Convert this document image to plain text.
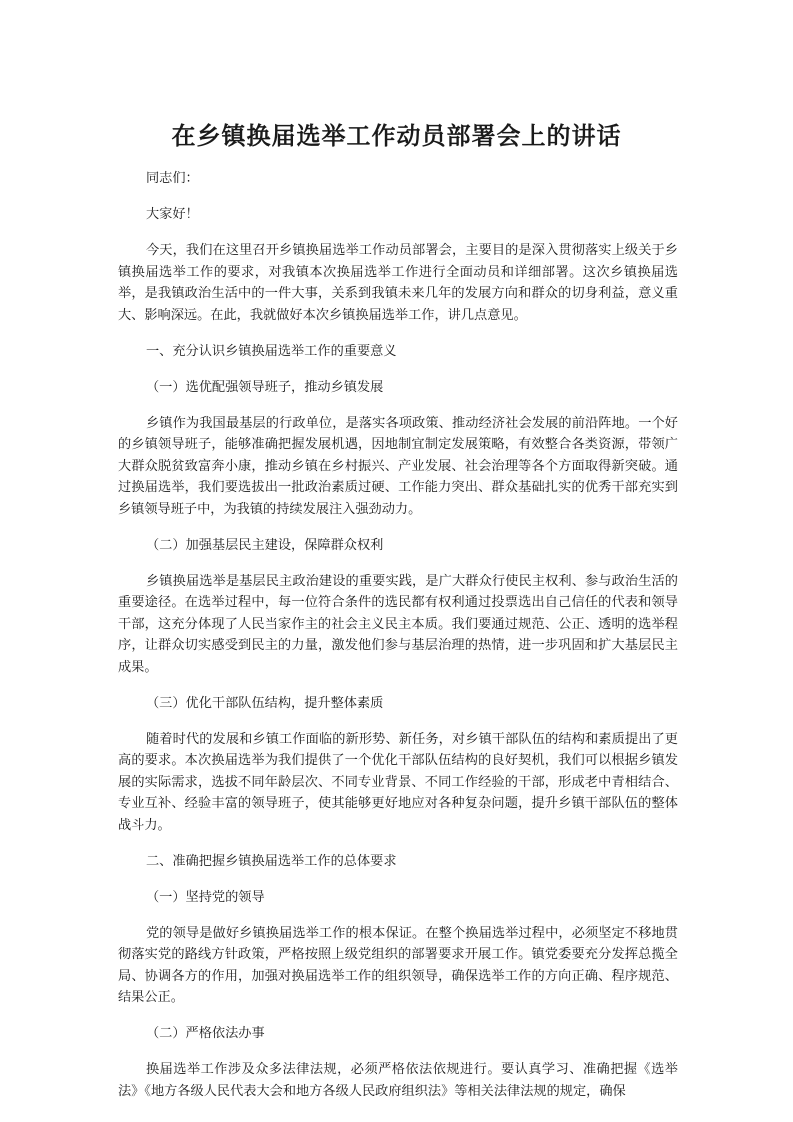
在乡镇换届选举工作动员部署会上的讲话

同志们：

大家好！

今天，我们在这里召开乡镇换届选举工作动员部署会，主要目的是深入贯彻落实上级关于乡镇换届选举工作的要求，对我镇本次换届选举工作进行全面动员和详细部署。这次乡镇换届选举，是我镇政治生活中的一件大事，关系到我镇未来几年的发展方向和群众的切身利益，意义重大、影响深远。在此，我就做好本次乡镇换届选举工作，讲几点意见。

一、充分认识乡镇换届选举工作的重要意义

（一）选优配强领导班子，推动乡镇发展

乡镇作为我国最基层的行政单位，是落实各项政策、推动经济社会发展的前沿阵地。一个好的乡镇领导班子，能够准确把握发展机遇，因地制宜制定发展策略，有效整合各类资源，带领广大群众脱贫致富奔小康，推动乡镇在乡村振兴、产业发展、社会治理等各个方面取得新突破。通过换届选举，我们要选拔出一批政治素质过硬、工作能力突出、群众基础扎实的优秀干部充实到乡镇领导班子中，为我镇的持续发展注入强劲动力。

（二）加强基层民主建设，保障群众权利

乡镇换届选举是基层民主政治建设的重要实践，是广大群众行使民主权利、参与政治生活的重要途径。在选举过程中，每一位符合条件的选民都有权利通过投票选出自己信任的代表和领导干部，这充分体现了人民当家作主的社会主义民主本质。我们要通过规范、公正、透明的选举程序，让群众切实感受到民主的力量，激发他们参与基层治理的热情，进一步巩固和扩大基层民主成果。

（三）优化干部队伍结构，提升整体素质

随着时代的发展和乡镇工作面临的新形势、新任务，对乡镇干部队伍的结构和素质提出了更高的要求。本次换届选举为我们提供了一个优化干部队伍结构的良好契机，我们可以根据乡镇发展的实际需求，选拔不同年龄层次、不同专业背景、不同工作经验的干部，形成老中青相结合、专业互补、经验丰富的领导班子，使其能够更好地应对各种复杂问题，提升乡镇干部队伍的整体战斗力。

二、准确把握乡镇换届选举工作的总体要求

（一）坚持党的领导

党的领导是做好乡镇换届选举工作的根本保证。在整个换届选举过程中，必须坚定不移地贯彻落实党的路线方针政策，严格按照上级党组织的部署要求开展工作。镇党委要充分发挥总揽全局、协调各方的作用，加强对换届选举工作的组织领导，确保选举工作的方向正确、程序规范、结果公正。

（二）严格依法办事

换届选举工作涉及众多法律法规，必须严格依法依规进行。要认真学习、准确把握《选举法》《地方各级人民代表大会和地方各级人民政府组织法》等相关法律法规的规定，确保
